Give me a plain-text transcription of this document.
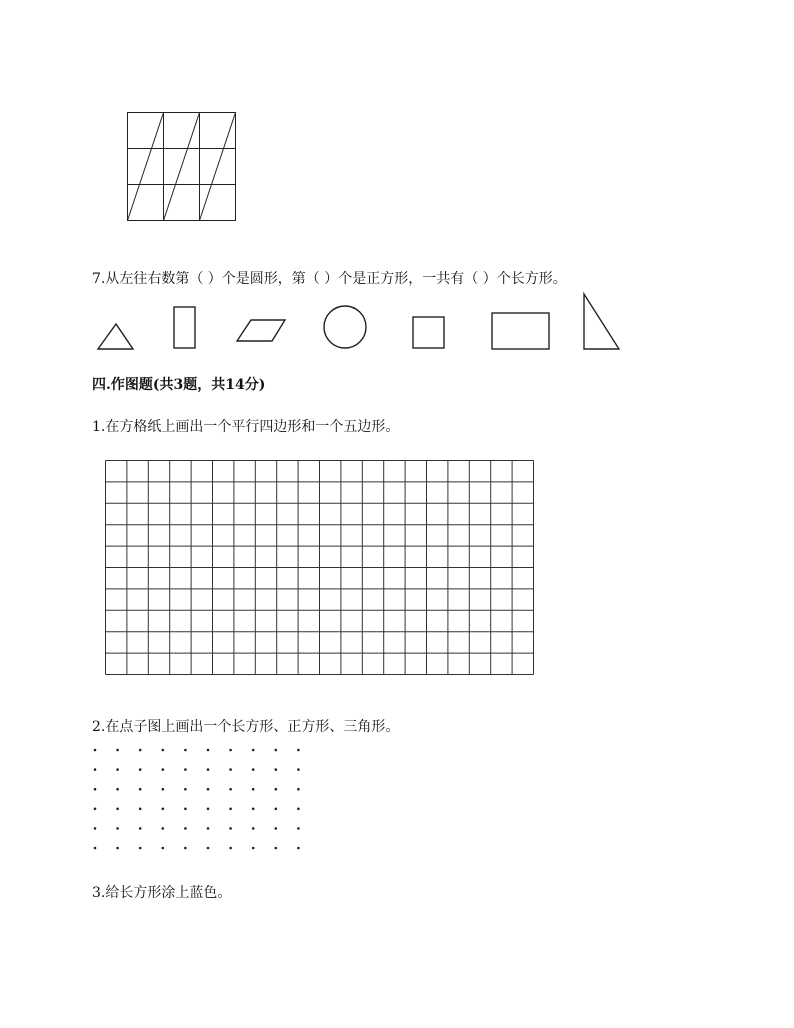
7.从左往右数第（ ）个是圆形，第（ ）个是正方形，一共有（ ）个长方形。
四.作图题(共3题，共14分)
1.在方格纸上画出一个平行四边形和一个五边形。
2.在点子图上画出一个长方形、正方形、三角形。
3.给长方形涂上蓝色。
